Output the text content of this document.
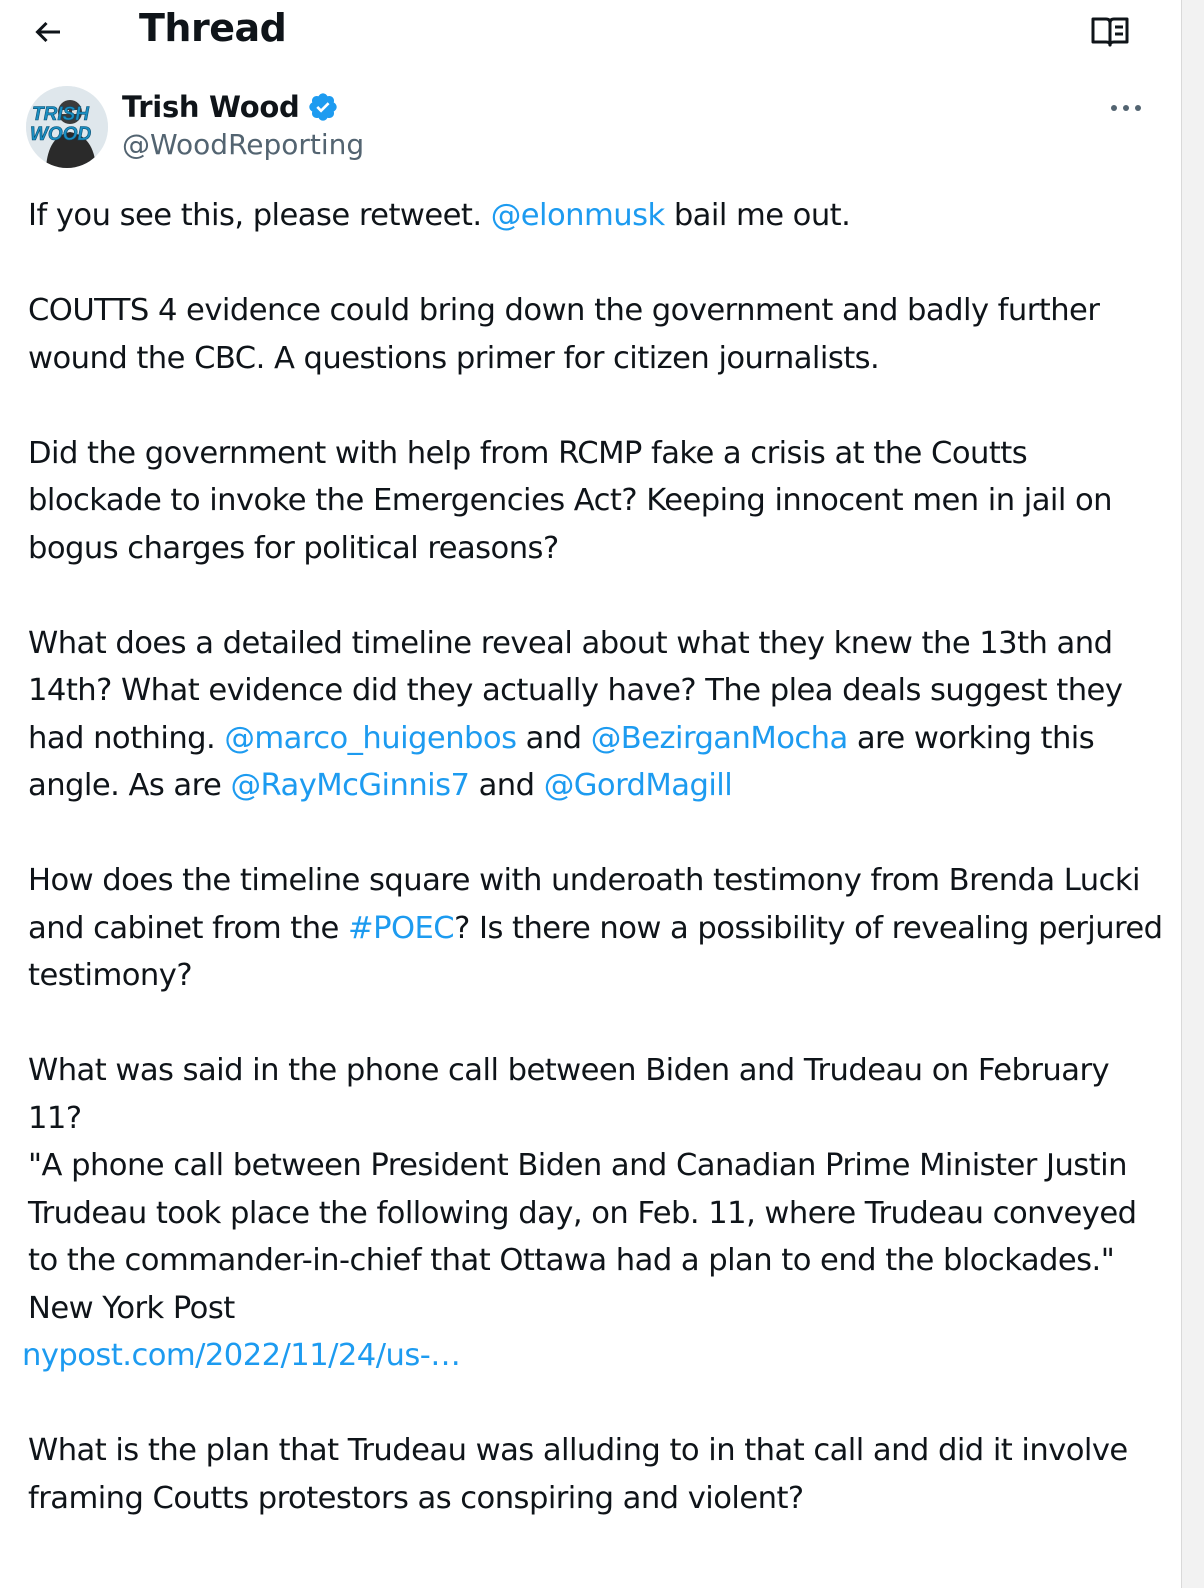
Thread
TRISH
WOOD
Trish Wood
@WoodReporting

If you see this, please retweet. @elonmusk bail me out.

COUTTS 4 evidence could bring down the government and badly further wound the CBC. A questions primer for citizen journalists.

Did the government with help from RCMP fake a crisis at the Coutts blockade to invoke the Emergencies Act? Keeping innocent men in jail on bogus charges for political reasons?

What does a detailed timeline reveal about what they knew the 13th and 14th? What evidence did they actually have? The plea deals suggest they had nothing. @marco_huigenbos and @BezirganMocha are working this angle. As are @RayMcGinnis7 and @GordMagill

How does the timeline square with underoath testimony from Brenda Lucki and cabinet from the #POEC? Is there now a possibility of revealing perjured testimony?

What was said in the phone call between Biden and Trudeau on February 11?
"A phone call between President Biden and Canadian Prime Minister Justin Trudeau took place the following day, on Feb. 11, where Trudeau conveyed to the commander-in-chief that Ottawa had a plan to end the blockades." New York Post
nypost.com/2022/11/24/us-…

What is the plan that Trudeau was alluding to in that call and did it involve framing Coutts protestors as conspiring and violent?
